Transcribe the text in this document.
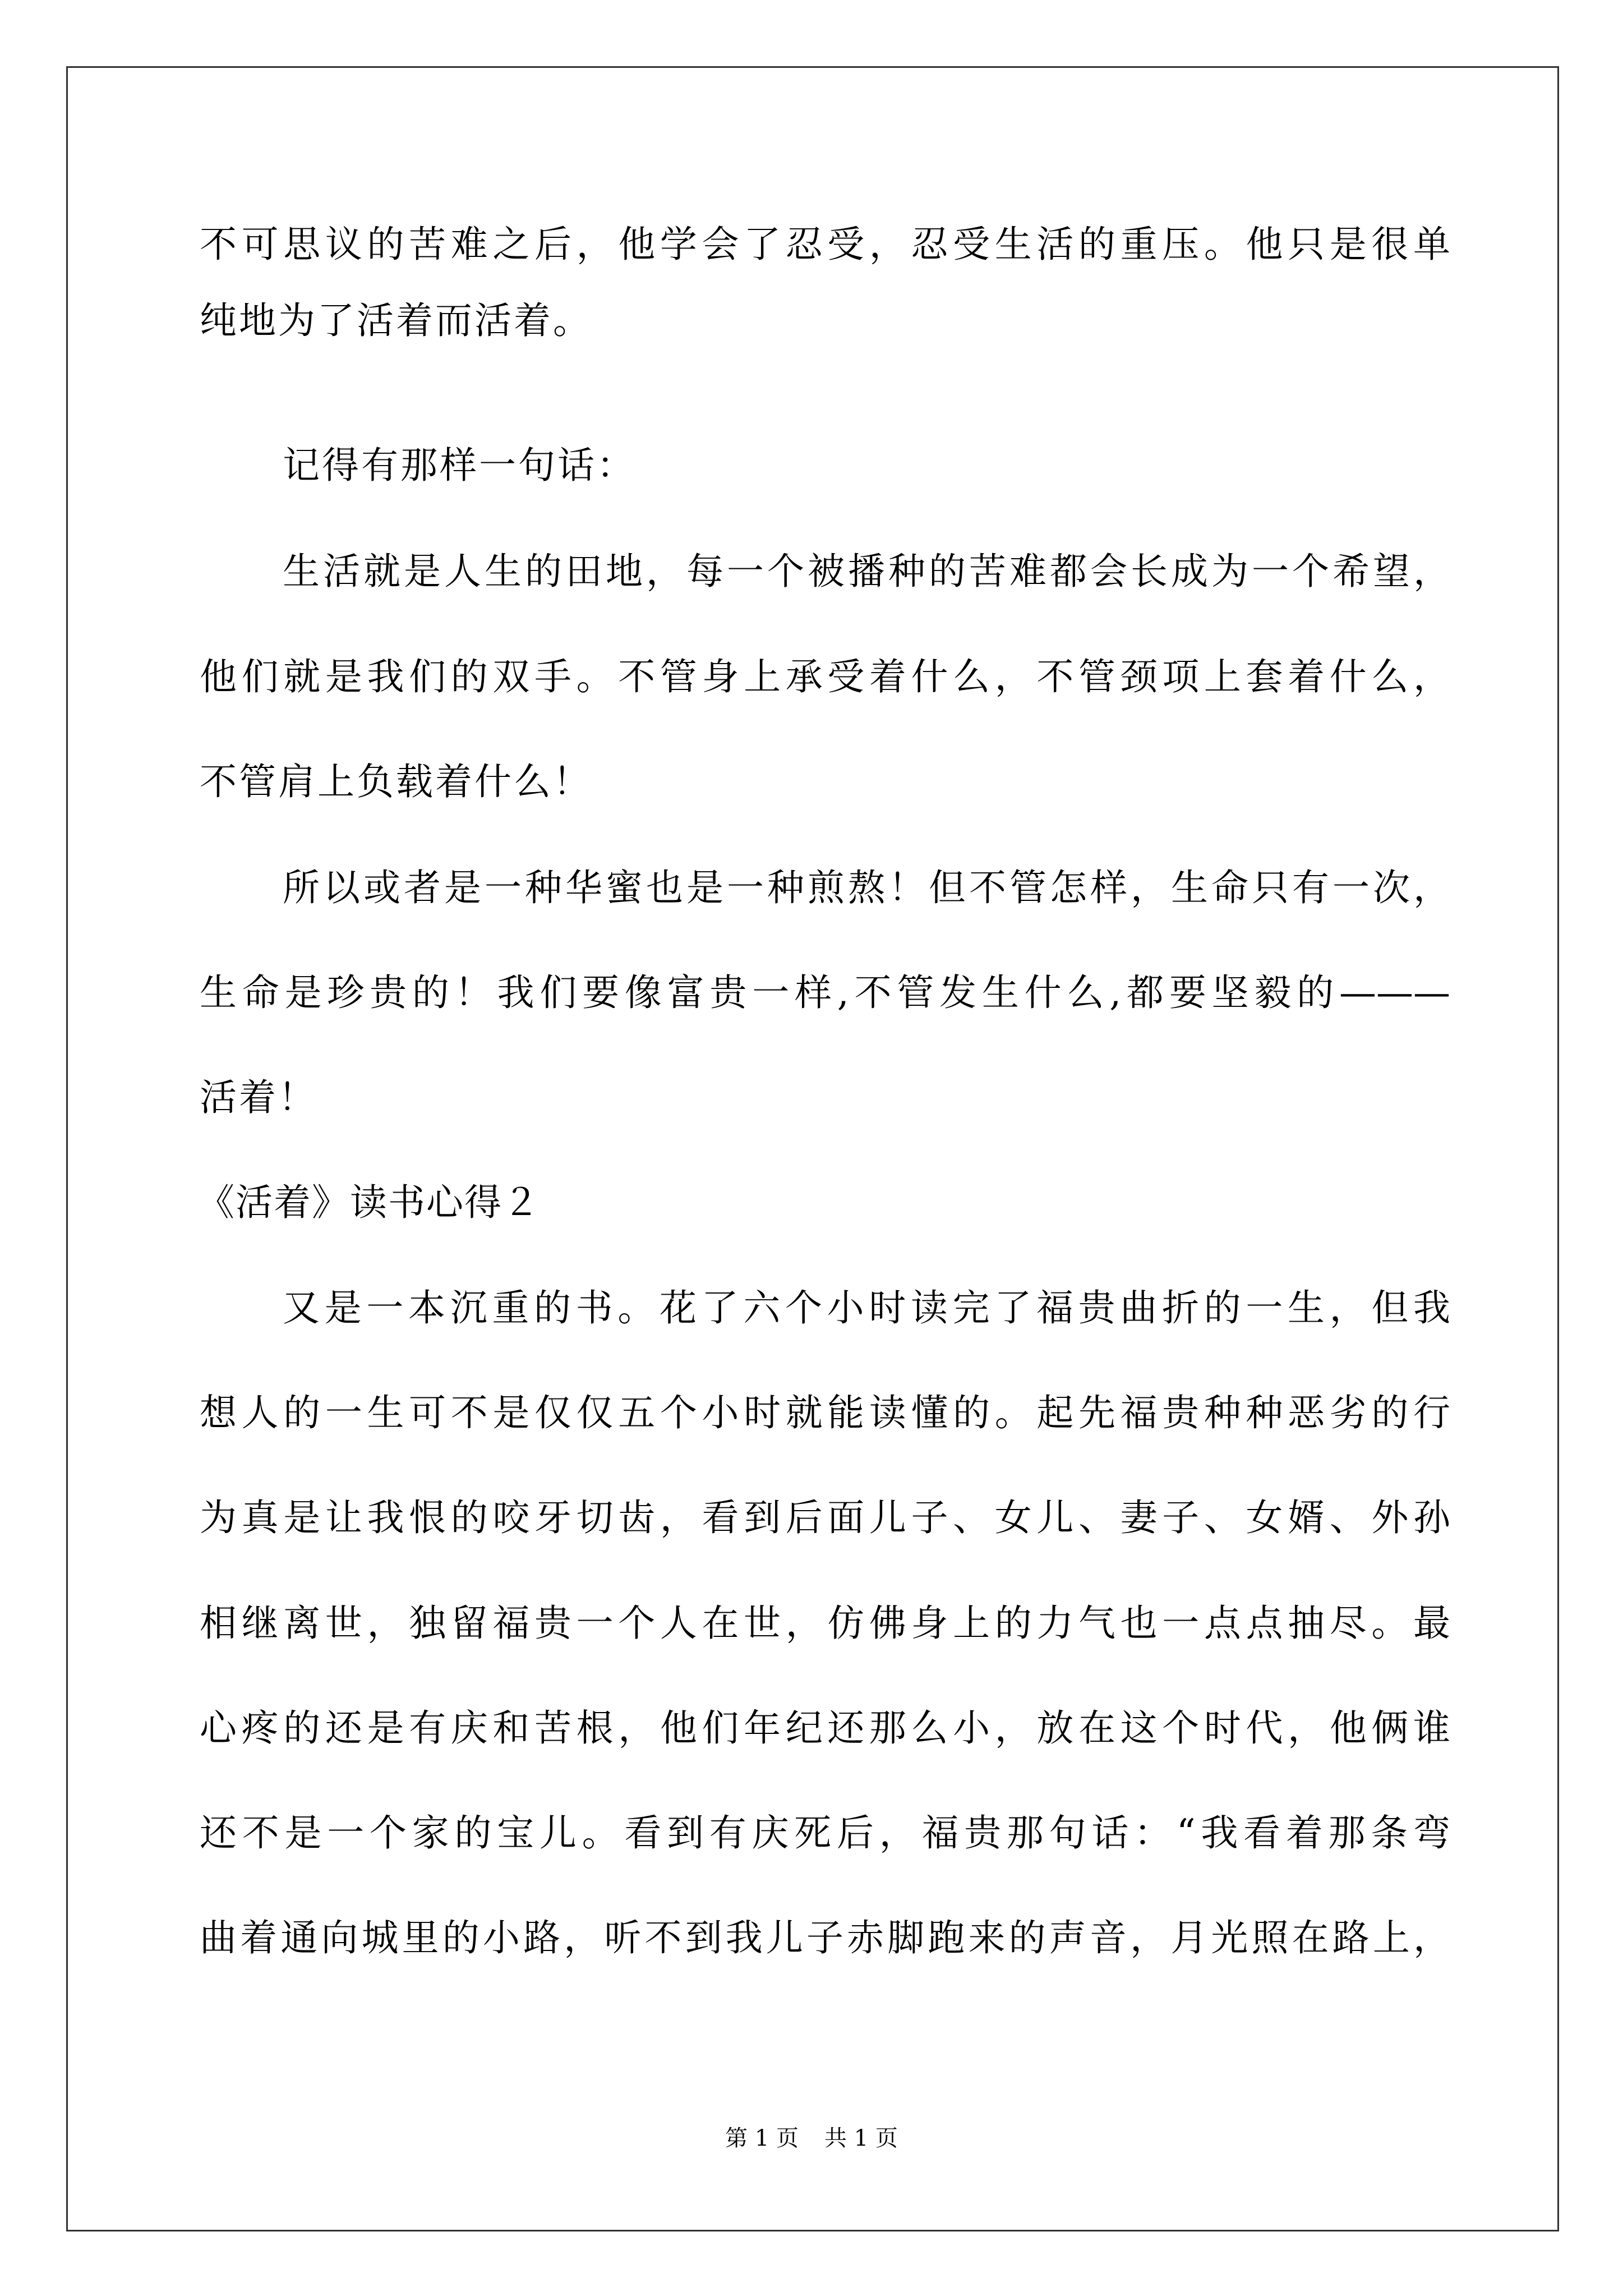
不可思议的苦难之后，他学会了忍受，忍受生活的重压。他只是很单
纯地为了活着而活着。
记得有那样一句话：
生活就是人生的田地，每一个被播种的苦难都会长成为一个希望，
他们就是我们的双手。不管身上承受着什么，不管颈项上套着什么，
不管肩上负载着什么！
所以或者是一种华蜜也是一种煎熬！但不管怎样，生命只有一次，
生命是珍贵的！我们要像富贵一样,不管发生什么,都要坚毅的———
活着！
《活着》读书心得２
又是一本沉重的书。花了六个小时读完了福贵曲折的一生，但我
想人的一生可不是仅仅五个小时就能读懂的。起先福贵种种恶劣的行
为真是让我恨的咬牙切齿，看到后面儿子、女儿、妻子、女婿、外孙
相继离世，独留福贵一个人在世，仿佛身上的力气也一点点抽尽。最
心疼的还是有庆和苦根，他们年纪还那么小，放在这个时代，他俩谁
还不是一个家的宝儿。看到有庆死后，福贵那句话：“我看着那条弯
曲着通向城里的小路，听不到我儿子赤脚跑来的声音，月光照在路上，
第 1 页 共 1 页
